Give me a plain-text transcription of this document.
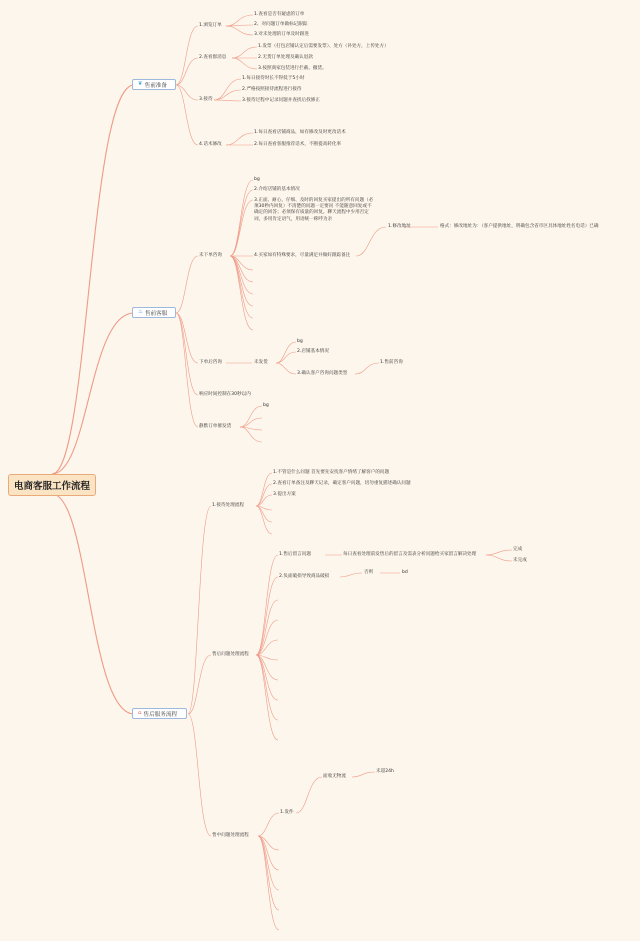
电商客服工作流程
❦ 售前准备
♨ 售前客服
⌂ 售后服务流程
1.浏览订单
1.查看是否有疑虑的订单
2、对问题订单做标记跟踪
3.对未处理的订单及时跟进
2.查看群消息
1.发票（打包店铺认定后需要发票）、处方（补处方，上传处方）
2.无货订单处理及确认退款
3.按照商家包装进行拦截、撤货。
3.接待
1.每日接待时长不得低于5小时
2.严格按照接待流程进行接待
3.接待过程中记录问题并查找后找修正
4.话术修改
1.每日查看店铺商品，如有修改及时更改话术
2.每日查看客服推荐话术，不断提高转化率
未下单咨询
bg
2.介绍店铺的基本情况
3.正面、耐心、仔细、及时的回复买家提出的所有问题（必须30秒内回复）不清楚的问题一定要问 不能随意回复或不确定的回答；必须保有质量的回复。聊天流程中少用否定词，多用肯定语气，用语统一称呼为亲
4.买家如有特殊要求，尽量满足并做好跟踪备注
1.修改地址	格式：修改地址为：（客户提供地址，明确包含省市区具体地址姓名电话）已确
下单后咨询	未发货
bg
2.店铺基本情况
3.确认客户咨询问题类型
1.售前咨询
响应时间控制在30秒以内
静默订单催发货
bg
1.接待处理流程
1.不管是什么问题 首先要先安抚客户情绪了解客户的问题
2.查看订单备注及聊天记录，确定客户问题，切勿重复描述确认问题
3.提出方案
售后问题处理流程
1.售后留言问题	每日查看处理前发售后的留言及需表分析问题给买家留言解决处理
完成
未完成
2.负面破损导致商品破损
否则	bd
售中问题处理流程
1.发件
面收无物流
未超24h
